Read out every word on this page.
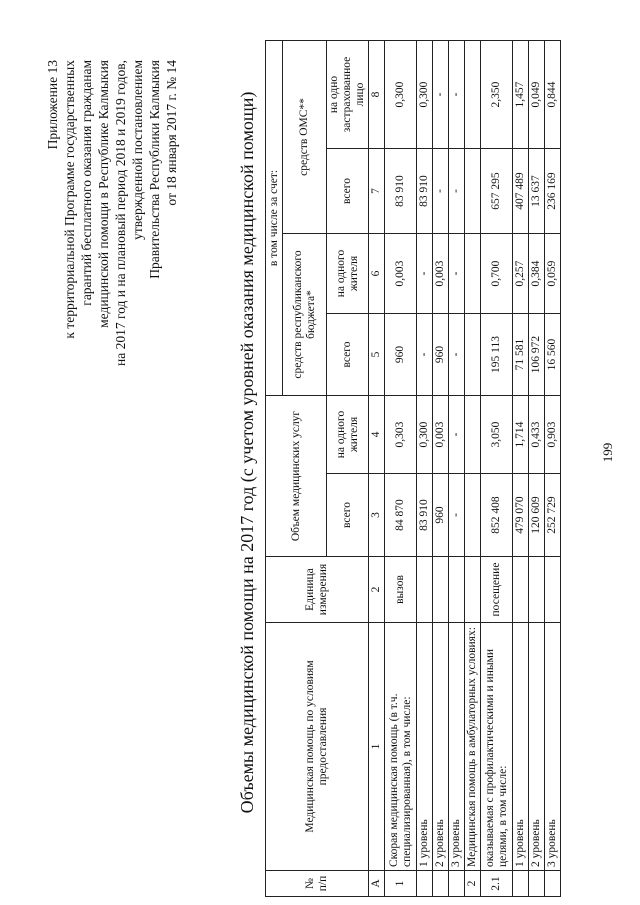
Приложение 13 к территориальной Программе государственных гарантий бесплатного оказания гражданам медицинской помощи в Республике Калмыкия на 2017 год и на плановый период 2018 и 2019 годов, утвержденной постановлением Правительства Республики Калмыкия от 18 января 2017 г. № 14	Объемы медицинской помощи на 2017 год (с учетом уровней оказания медицинской помощи)
№ п/п	Медицинская помощь по условиям предоставления	Единица измерения	Объем медицинских услуг		в том числе за счет:			
					средств республиканского бюджета*		средств ОМС**	
			всего	на одного жителя	всего	на одного жителя	всего	на одно застрахованное лицо
А	1	2	3	4	5	6	7	8
1	Скорая медицинская помощь (в т.ч. специализированная), в том числе:	вызов	84 870	0,303	960	0,003	83 910	0,300
	1 уровень		83 910	0,300	-	-	83 910	0,300
	2 уровень		960	0,003	960	0,003	-	-
	3 уровень		-	-	-	-	-	-
2	Медицинская помощь в амбулаторных условиях:							
2.1	оказываемая с профилактическими и иными целями, в том числе:	посещение	852 408	3,050	195 113	0,700	657 295	2,350
	1 уровень		479 070	1,714	71 581	0,257	407 489	1,457
	2 уровень		120 609	0,433	106 972	0,384	13 637	0,049
	3 уровень		252 729	0,903	16 560	0,059	236 169	0,844
199
